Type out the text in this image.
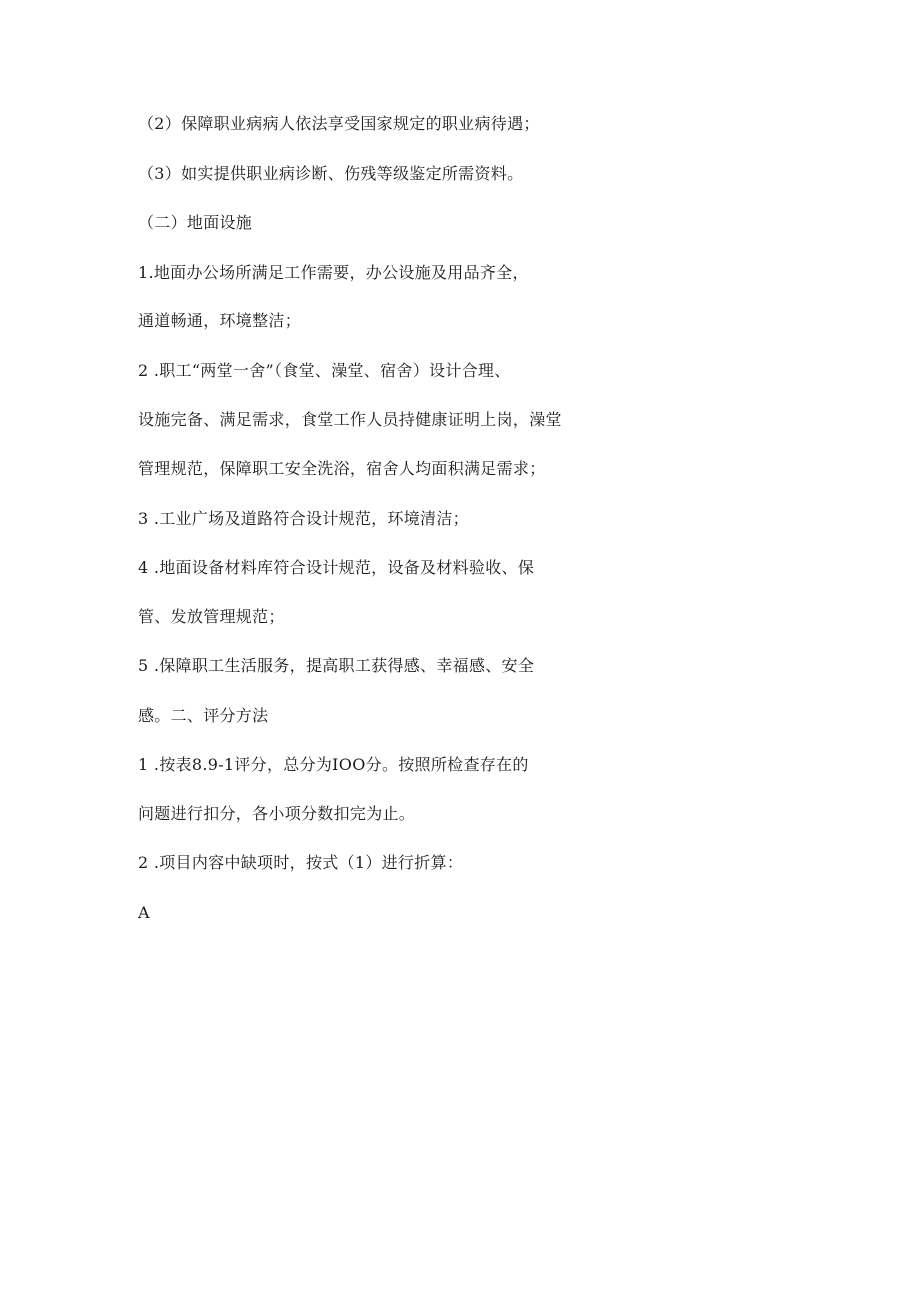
（2）保障职业病病人依法享受国家规定的职业病待遇；
（3）如实提供职业病诊断、伤残等级鉴定所需资料。
（二）地面设施
1.地面办公场所满足工作需要，办公设施及用品齐全，
通道畅通，环境整洁；
2 .职工“两堂一舍”（食堂、澡堂、宿舍）设计合理、
设施完备、满足需求，食堂工作人员持健康证明上岗，澡堂
管理规范，保障职工安全洗浴，宿舍人均面积满足需求；
3 .工业广场及道路符合设计规范，环境清洁；
4 .地面设备材料库符合设计规范，设备及材料验收、保
管、发放管理规范；
5 .保障职工生活服务，提高职工获得感、幸福感、安全
感。二、评分方法
1 .按表8.9-1评分，总分为IOO分。按照所检查存在的
问题进行扣分，各小项分数扣完为止。
2 .项目内容中缺项时，按式（1）进行折算：
A
